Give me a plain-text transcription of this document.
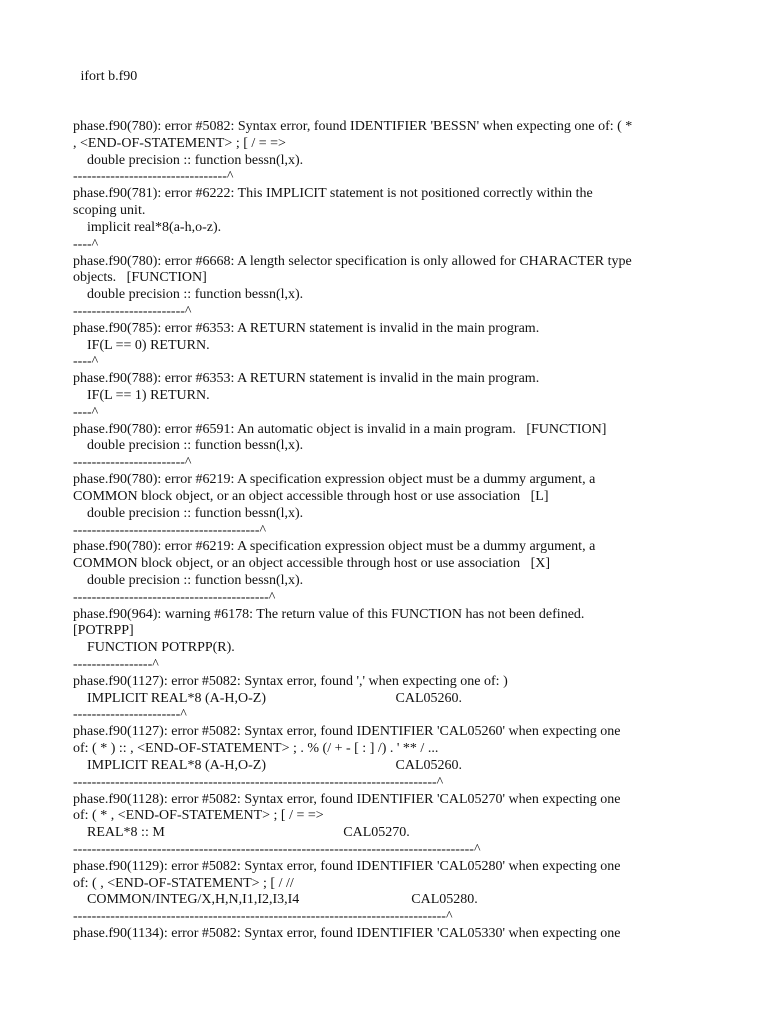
ifort b.f90
phase.f90(780): error #5082: Syntax error, found IDENTIFIER 'BESSN' when expecting one of: ( *
, <END-OF-STATEMENT> ; [ / = =>
double precision :: function bessn(l,x).
---------------------------------^
phase.f90(781): error #6222: This IMPLICIT statement is not positioned correctly within the
scoping unit.
implicit real*8(a-h,o-z).
----^
phase.f90(780): error #6668: A length selector specification is only allowed for CHARACTER type
objects.   [FUNCTION]
double precision :: function bessn(l,x).
------------------------^
phase.f90(785): error #6353: A RETURN statement is invalid in the main program.
IF(L == 0) RETURN.
----^
phase.f90(788): error #6353: A RETURN statement is invalid in the main program.
IF(L == 1) RETURN.
----^
phase.f90(780): error #6591: An automatic object is invalid in a main program.   [FUNCTION]
double precision :: function bessn(l,x).
------------------------^
phase.f90(780): error #6219: A specification expression object must be a dummy argument, a
COMMON block object, or an object accessible through host or use association   [L]
double precision :: function bessn(l,x).
----------------------------------------^
phase.f90(780): error #6219: A specification expression object must be a dummy argument, a
COMMON block object, or an object accessible through host or use association   [X]
double precision :: function bessn(l,x).
------------------------------------------^
phase.f90(964): warning #6178: The return value of this FUNCTION has not been defined.
[POTRPP]
FUNCTION POTRPP(R).
-----------------^
phase.f90(1127): error #5082: Syntax error, found ',' when expecting one of: )
IMPLICIT REAL*8 (A-H,O-Z)                                     CAL05260.
-----------------------^
phase.f90(1127): error #5082: Syntax error, found IDENTIFIER 'CAL05260' when expecting one
of: ( * ) :: , <END-OF-STATEMENT> ; . % (/ + - [ : ] /) . ' ** / ...
IMPLICIT REAL*8 (A-H,O-Z)                                     CAL05260.
------------------------------------------------------------------------------^
phase.f90(1128): error #5082: Syntax error, found IDENTIFIER 'CAL05270' when expecting one
of: ( * , <END-OF-STATEMENT> ; [ / = =>
REAL*8 :: M                                                   CAL05270.
--------------------------------------------------------------------------------------^
phase.f90(1129): error #5082: Syntax error, found IDENTIFIER 'CAL05280' when expecting one
of: ( , <END-OF-STATEMENT> ; [ / //
COMMON/INTEG/X,H,N,I1,I2,I3,I4                                CAL05280.
--------------------------------------------------------------------------------^
phase.f90(1134): error #5082: Syntax error, found IDENTIFIER 'CAL05330' when expecting one
